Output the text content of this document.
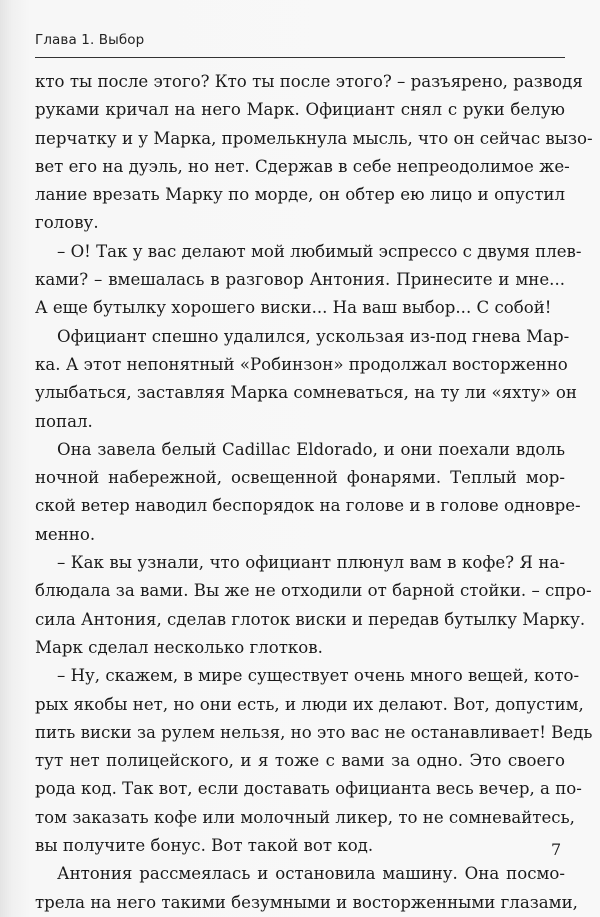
Глава 1. Выбор
кто ты после этого? Кто ты после этого? – разъярено, разводя
руками кричал на него Марк. Официант снял с руки белую
перчатку и у Марка, промелькнула мысль, что он сейчас вызо-
вет его на дуэль, но нет. Сдержав в себе непреодолимое же-
лание врезать Марку по морде, он обтер ею лицо и опустил
голову.
– О! Так у вас делают мой любимый эспрессо с двумя плев-
ками? – вмешалась в разговор Антония. Принесите и мне...
А еще бутылку хорошего виски... На ваш выбор... С собой!
Официант спешно удалился, ускользая из-под гнева Мар-
ка. А этот непонятный «Робинзон» продолжал восторженно
улыбаться, заставляя Марка сомневаться, на ту ли «яхту» он
попал.
Она завела белый Cadillac Eldorado, и они поехали вдоль
ночной набережной, освещенной фонарями. Теплый мор-
ской ветер наводил беспорядок на голове и в голове одновре-
менно.
– Как вы узнали, что официант плюнул вам в кофе? Я на-
блюдала за вами. Вы же не отходили от барной стойки. – спро-
сила Антония, сделав глоток виски и передав бутылку Марку.
Марк сделал несколько глотков.
– Ну, скажем, в мире существует очень много вещей, кото-
рых якобы нет, но они есть, и люди их делают. Вот, допустим,
пить виски за рулем нельзя, но это вас не останавливает! Ведь
тут нет полицейского, и я тоже с вами за одно. Это своего
рода код. Так вот, если доставать официанта весь вечер, а по-
том заказать кофе или молочный ликер, то не сомневайтесь,
вы получите бонус. Вот такой вот код.
Антония рассмеялась и остановила машину. Она посмо-
трела на него такими безумными и восторженными глазами,
7
